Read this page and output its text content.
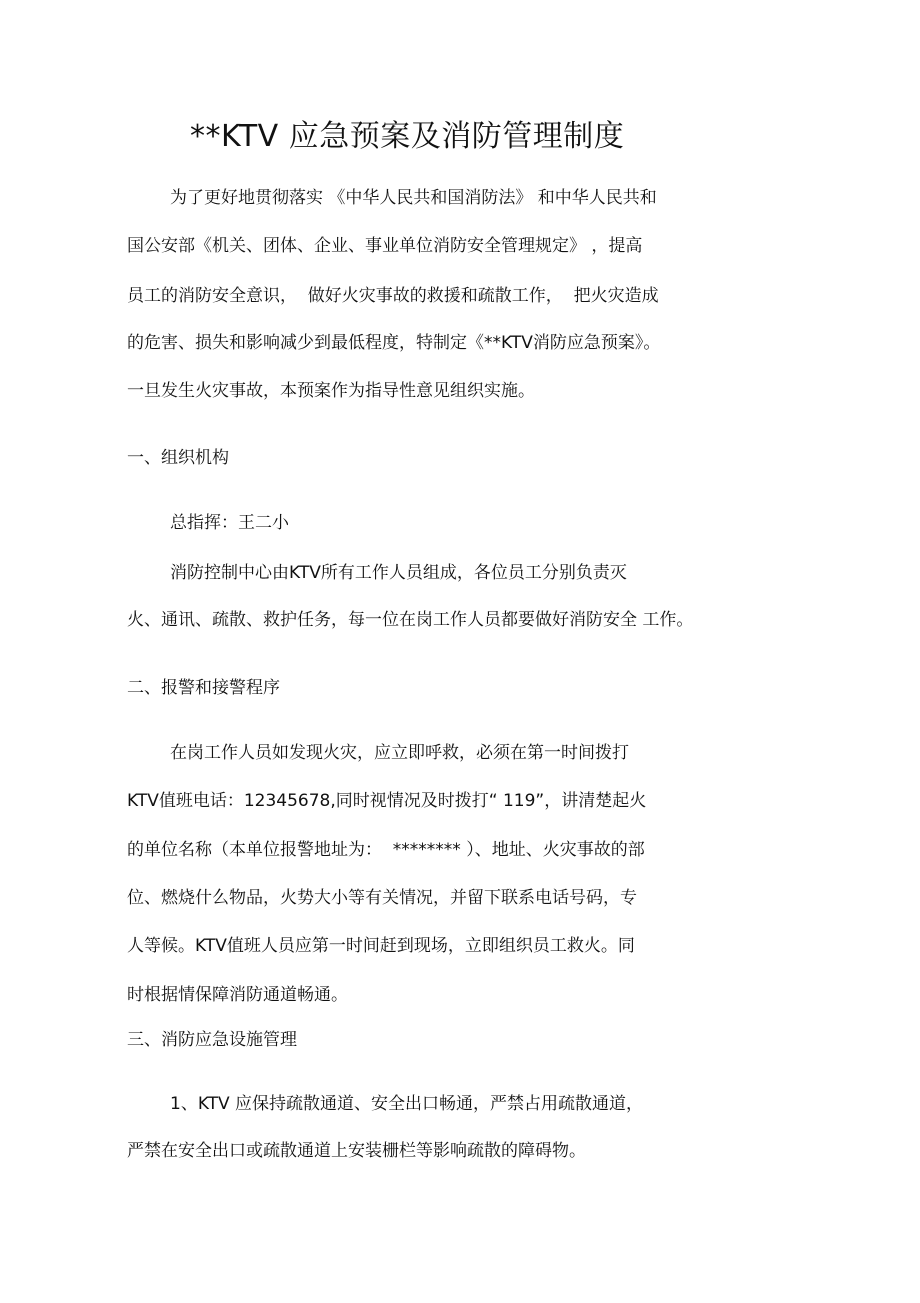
**KTV 应急预案及消防管理制度
为了更好地贯彻落实 《中华人民共和国消防法》 和中华人民共和
国公安部《机关、团体、企业、事业单位消防安全管理规定》 ，提高
员工的消防安全意识，  做好火灾事故的救援和疏散工作，  把火灾造成
的危害、损失和影响减少到最低程度，特制定《**KTV消防应急预案》。
一旦发生火灾事故，本预案作为指导性意见组织实施。
一、组织机构
总指挥：王二小
消防控制中心由KTV所有工作人员组成，各位员工分别负责灭
火、通讯、疏散、救护任务，每一位在岗工作人员都要做好消防安全 工作。
二、报警和接警程序
在岗工作人员如发现火灾，应立即呼救，必须在第一时间拨打
KTV值班电话：12345678,同时视情况及时拨打“ 119”，讲清楚起火
的单位名称（本单位报警地址为：  ******** ）、地址、火灾事故的部
位、燃烧什么物品，火势大小等有关情况，并留下联系电话号码，专
人等候。KTV值班人员应第一时间赶到现场，立即组织员工救火。同
时根据情保障消防通道畅通。
三、消防应急设施管理
1、KTV 应保持疏散通道、安全出口畅通，严禁占用疏散通道，
严禁在安全出口或疏散通道上安装栅栏等影响疏散的障碍物。
